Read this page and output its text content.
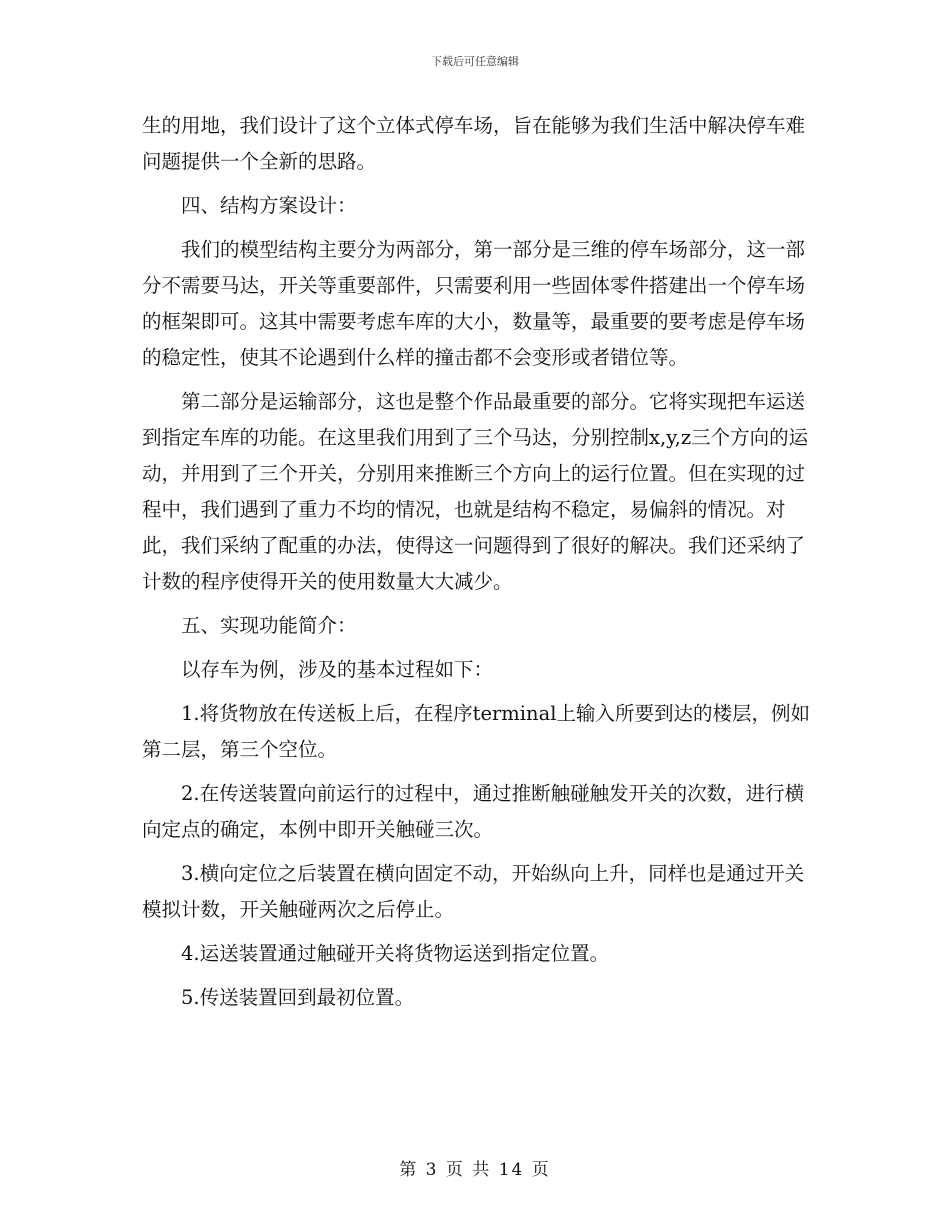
下载后可任意编辑

生的用地，我们设计了这个立体式停车场，旨在能够为我们生活中解决停车难问题提供一个全新的思路。

四、结构方案设计：

我们的模型结构主要分为两部分，第一部分是三维的停车场部分，这一部分不需要马达，开关等重要部件，只需要利用一些固体零件搭建出一个停车场的框架即可。这其中需要考虑车库的大小，数量等，最重要的要考虑是停车场的稳定性，使其不论遇到什么样的撞击都不会变形或者错位等。

第二部分是运输部分，这也是整个作品最重要的部分。它将实现把车运送到指定车库的功能。在这里我们用到了三个马达，分别控制x,y,z三个方向的运动，并用到了三个开关，分别用来推断三个方向上的运行位置。但在实现的过程中，我们遇到了重力不均的情况，也就是结构不稳定，易偏斜的情况。对此，我们采纳了配重的办法，使得这一问题得到了很好的解决。我们还采纳了计数的程序使得开关的使用数量大大减少。

五、实现功能简介：

以存车为例，涉及的基本过程如下：

1.将货物放在传送板上后，在程序terminal上输入所要到达的楼层，例如第二层，第三个空位。

2.在传送装置向前运行的过程中，通过推断触碰触发开关的次数，进行横向定点的确定，本例中即开关触碰三次。

3.横向定位之后装置在横向固定不动，开始纵向上升，同样也是通过开关模拟计数，开关触碰两次之后停止。

4.运送装置通过触碰开关将货物运送到指定位置。

5.传送装置回到最初位置。

第 3 页 共 14 页
